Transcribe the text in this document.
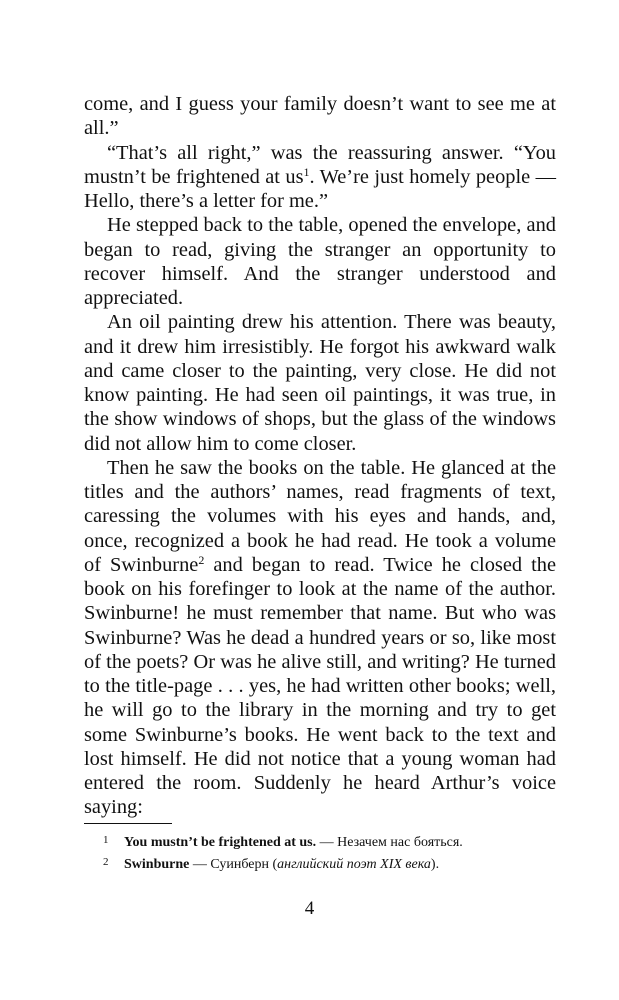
come, and I guess your family doesn’t want to see me at all.”

“That’s all right,” was the reassuring answer. “You mustn’t be frightened at $us^1$. We’re just homely people — Hello, there’s a letter for me.”

He stepped back to the table, opened the envelope, and began to read, giving the stranger an opportunity to recover himself. And the stranger understood and appreciated.

An oil painting drew his attention. There was beauty, and it drew him irresistibly. He forgot his awkward walk and came closer to the painting, very close. He did not know painting. He had seen oil paintings, it was true, in the show windows of shops, but the glass of the windows did not allow him to come closer.

Then he saw the books on the table. He glanced at the titles and the authors’ names, read fragments of text, caressing the volumes with his eyes and hands, and, once, recognized a book he had read. He took a volume of Swinburne$^2$ and began to read. Twice he closed the book on his forefinger to look at the name of the author. Swinburne! he must remember that name. But who was Swinburne? Was he dead a hundred years or so, like most of the poets? Or was he alive still, and writing? He turned to the title-page . . . yes, he had written other books; well, he will go to the library in the morning and try to get some Swinburne’s books. He went back to the text and lost himself. He did not notice that a young woman had entered the room. Suddenly he heard Arthur’s voice saying:

1 You mustn’t be frightened at us. — Незачем нас бояться.

2 Swinburne — Суинберн (английский поэт XIX века).

4
